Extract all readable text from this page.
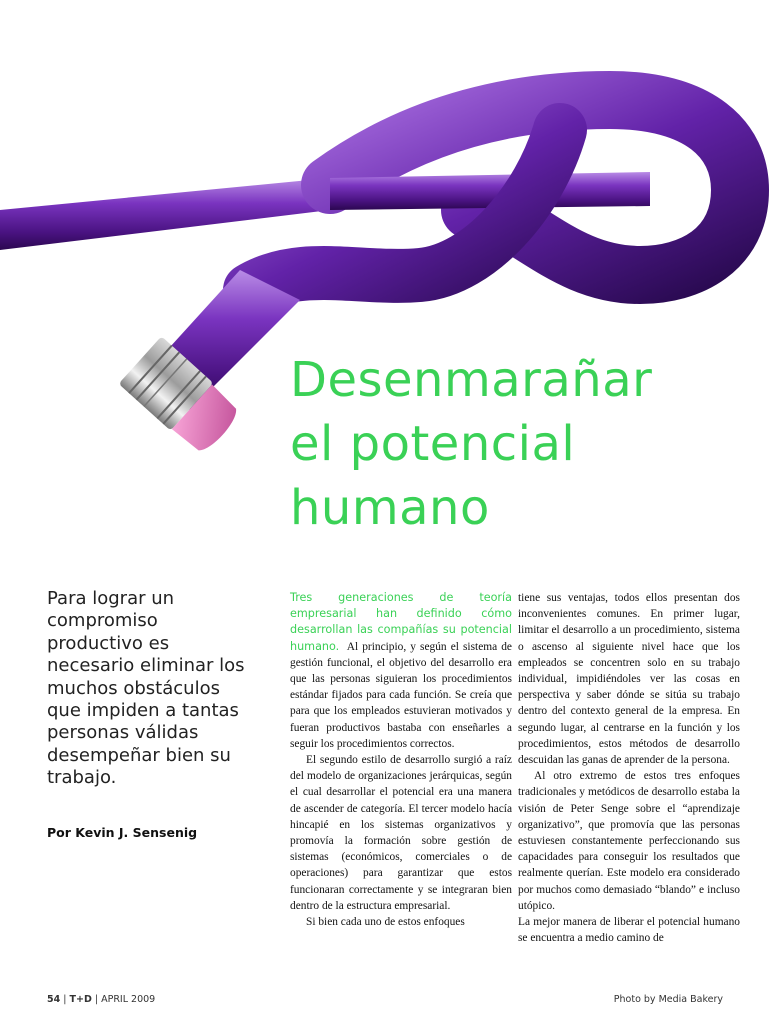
Desenmarañar
el potencial
humano
Para lograr un compromiso productivo es necesario eliminar los muchos obstáculos que impiden a tantas personas válidas desempeñar bien su trabajo.
Por Kevin J. Sensenig

Tres generaciones de teoría empresarial han definido cómo desarrollan las compañías su potencial humano. Al principio, y según el sistema de gestión funcional, el objetivo del desarrollo era que las personas siguieran los procedimientos estándar fijados para cada función. Se creía que para que los empleados estuvieran motivados y fueran productivos bastaba con enseñarles a seguir los procedimientos correctos.

El segundo estilo de desarrollo surgió a raíz del modelo de organizaciones jerárquicas, según el cual desarrollar el potencial era una manera de ascender de categoría. El tercer modelo hacía hincapié en los sistemas organizativos y promovía la formación sobre gestión de sistemas (económicos, comerciales o de operaciones) para garantizar que estos funcionaran correctamente y se integraran bien dentro de la estructura empresarial.

Si bien cada uno de estos enfoques

tiene sus ventajas, todos ellos presentan dos inconvenientes comunes. En primer lugar, limitar el desarrollo a un procedimiento, sistema o ascenso al siguiente nivel hace que los empleados se concentren solo en su trabajo individual, impidiéndoles ver las cosas en perspectiva y saber dónde se sitúa su trabajo dentro del contexto general de la empresa. En segundo lugar, al centrarse en la función y los procedimientos, estos métodos de desarrollo descuidan las ganas de aprender de la persona.

Al otro extremo de estos tres enfoques tradicionales y metódicos de desarrollo estaba la visión de Peter Senge sobre el “aprendizaje organizativo”, que promovía que las personas estuviesen constantemente perfeccionando sus capacidades para conseguir los resultados que realmente querían. Este modelo era considerado por muchos como demasiado “blando” e incluso utópico.

La mejor manera de liberar el potencial humano se encuentra a medio camino de

54 | T+D | APRIL 2009	Photo by Media Bakery
